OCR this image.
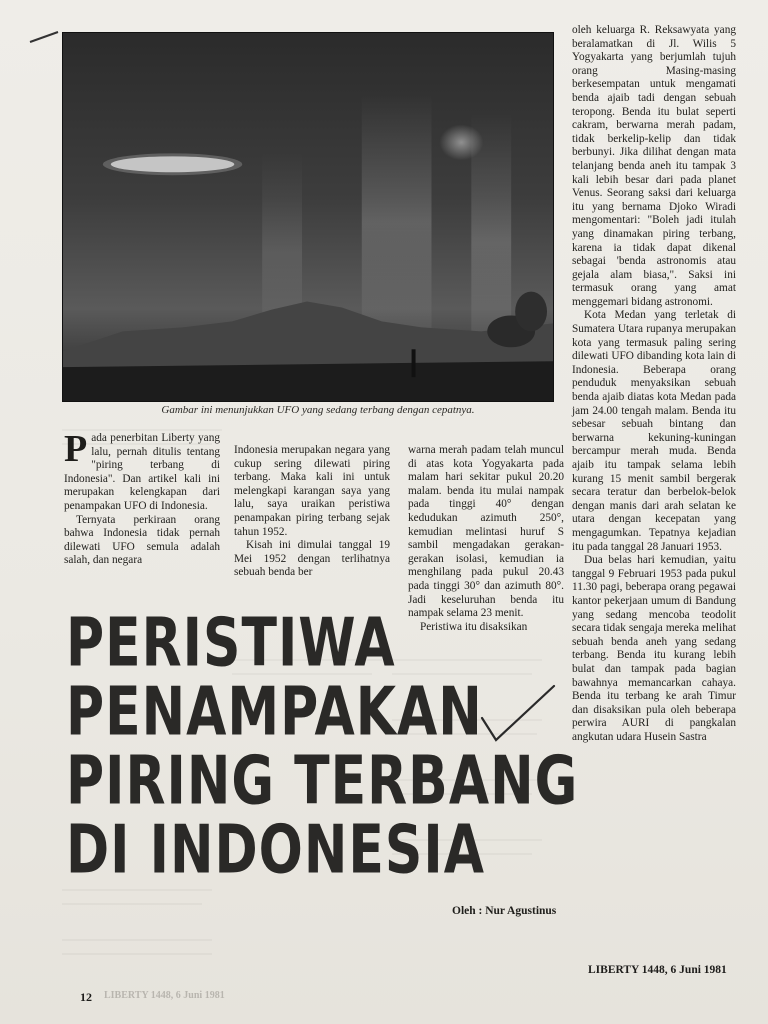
Gambar ini menunjukkan UFO yang sedang terbang dengan cepatnya.

Pada penerbitan Liberty yang lalu, pernah ditulis tentang "piring terbang di Indonesia". Dan artikel kali ini merupakan kelengkapan dari penampakan UFO di Indonesia.

Ternyata perkiraan orang bahwa Indonesia tidak pernah dilewati UFO semula adalah salah, dan negara

Indonesia merupakan negara yang cukup sering dilewati piring terbang. Maka kali ini untuk melengkapi karangan saya yang lalu, saya uraikan peristiwa penampakan piring terbang sejak tahun 1952.

Kisah ini dimulai tanggal 19 Mei 1952 dengan terlihatnya sebuah benda ber

warna merah padam telah muncul di atas kota Yogyakarta pada malam hari sekitar pukul 20.20 malam. benda itu mulai nampak pada tinggi 40° dengan kedudukan azimuth 250°, kemudian melintasi huruf S sambil mengadakan gerakan-gerakan isolasi, kemudian ia menghilang pada pukul 20.43 pada tinggi 30° dan azimuth 80°. Jadi keseluruhan benda itu nampak selama 23 menit.

Peristiwa itu disaksikan

oleh keluarga R. Reksawyata yang beralamatkan di Jl. Wilis 5 Yogyakarta yang berjumlah tujuh orang Masing-masing berkesempatan untuk mengamati benda ajaib tadi dengan sebuah teropong. Benda itu bulat seperti cakram, berwarna merah padam, tidak berkelip-kelip dan tidak berbunyi. Jika dilihat dengan mata telanjang benda aneh itu tampak 3 kali lebih besar dari pada planet Venus. Seorang saksi dari keluarga itu yang bernama Djoko Wiradi mengomentari: "Boleh jadi itulah yang dinamakan piring terbang, karena ia tidak dapat dikenal sebagai 'benda astronomis atau gejala alam biasa,". Saksi ini termasuk orang yang amat menggemari bidang astronomi.

Kota Medan yang terletak di Sumatera Utara rupanya merupakan kota yang termasuk paling sering dilewati UFO dibanding kota lain di Indonesia. Beberapa orang penduduk menyaksikan sebuah benda ajaib diatas kota Medan pada jam 24.00 tengah malam. Benda itu sebesar sebuah bintang dan berwarna kekuning-kuningan bercampur merah muda. Benda ajaib itu tampak selama lebih kurang 15 menit sambil bergerak secara teratur dan berbelok-belok dengan manis dari arah selatan ke utara dengan kecepatan yang mengagumkan. Tepatnya kejadian itu pada tanggal 28 Januari 1953.

Dua belas hari kemudian, yaitu tanggal 9 Februari 1953 pada pukul 11.30 pagi, beberapa orang pegawai kantor pekerjaan umum di Bandung yang sedang mencoba teodolit secara tidak sengaja mereka melihat sebuah benda aneh yang sedang terbang. Benda itu kurang lebih bulat dan tampak pada bagian bawahnya memancarkan cahaya. Benda itu terbang ke arah Timur dan disaksikan pula oleh beberapa perwira AURI di pangkalan angkutan udara Husein Sastra

PERISTIWA
PENAMPAKAN
PIRING TERBANG
DI INDONESIA
Oleh : Nur Agustinus
LIBERTY 1448, 6 Juni 1981
12 LIBERTY 1448, 6 Juni 1981
